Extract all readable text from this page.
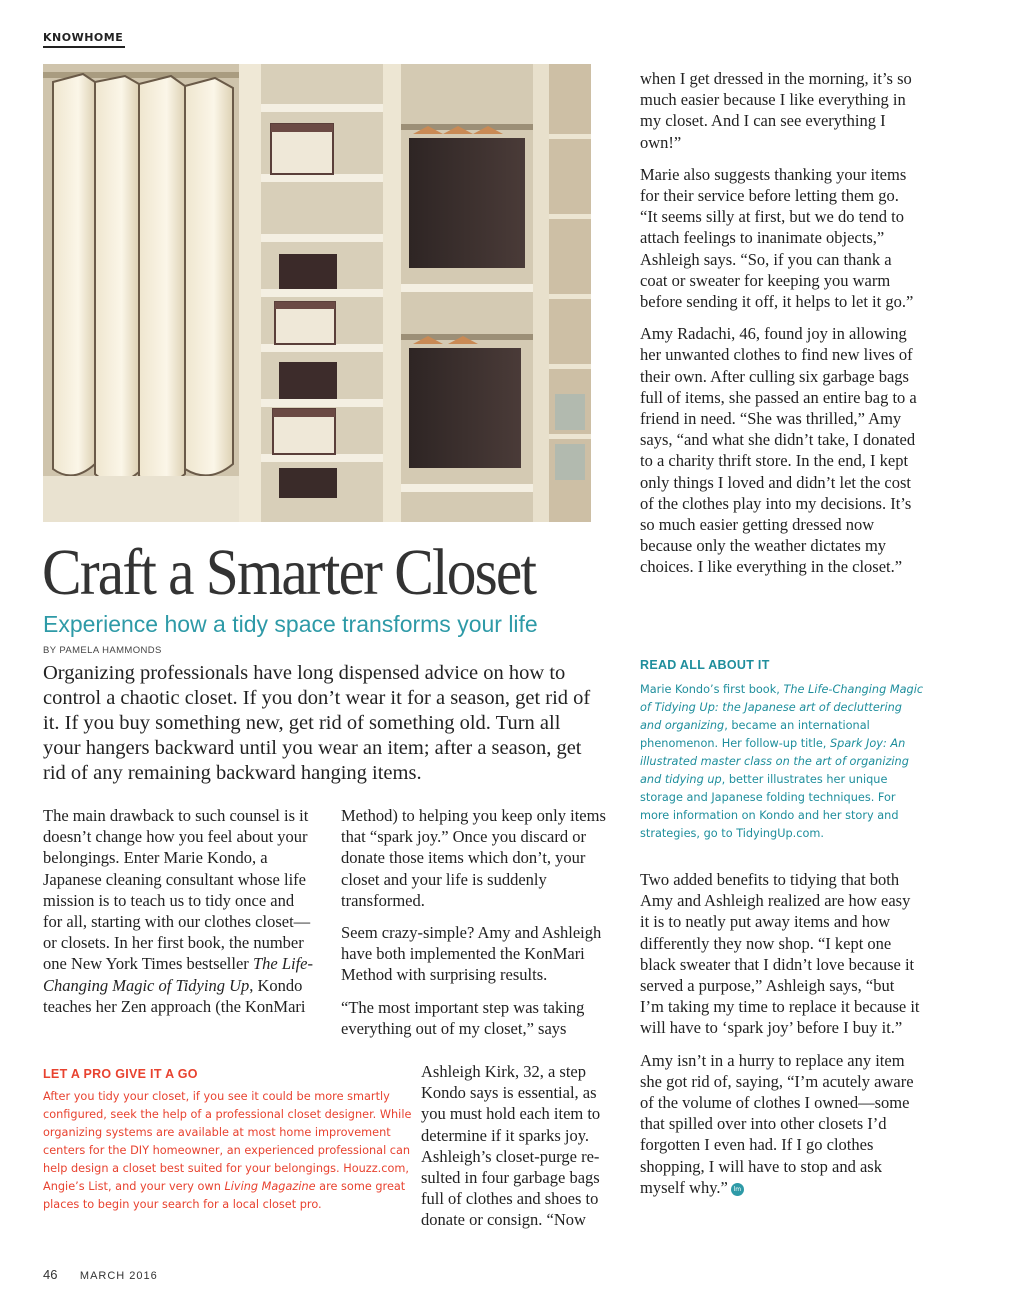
KNOWHOME
Craft a Smarter Closet
Experience how a tidy space transforms your life
BY PAMELA HAMMONDS
Organizing professionals have long dispensed advice on how to control a chaotic closet. If you don’t wear it for a season, get rid of it. If you buy something new, get rid of something old. Turn all your hangers backward until you wear an item; after a season, get rid of any remaining backward hanging items.

The main drawback to such counsel is it doesn’t change how you feel about your belongings. Enter Marie Kondo, a Japanese cleaning consultant whose life mission is to teach us to tidy once and for all, starting with our clothes closet—or closets. In her first book, the number one New York Times bestseller The Life-Changing Magic of Tidying Up, Kondo teaches her Zen approach (the KonMari

Method) to helping you keep only items that “spark joy.” Once you discard or donate those items which don’t, your closet and your life is suddenly transformed.

Seem crazy-simple? Amy and Ashleigh have both implemented the KonMari Method with surprising results.

“The most important step was taking everything out of my closet,” says

Ashleigh Kirk, 32, a step Kondo says is essential, as you must hold each item to determine if it sparks joy. Ashleigh’s closet-purge re-sulted in four garbage bags full of clothes and shoes to donate or consign. “Now

LET A PRO GIVE IT A GO
After you tidy your closet, if you see it could be more smartly configured, seek the help of a professional closet designer. While organizing systems are available at most home improvement centers for the DIY homeowner, an experienced professional can help design a closet best suited for your belongings. Houzz.com, Angie’s List, and your very own Living Magazine are some great places to begin your search for a local closet pro.

when I get dressed in the morning, it’s so much easier because I like everything in my closet. And I can see everything I own!”

Marie also suggests thanking your items for their service before letting them go. “It seems silly at first, but we do tend to attach feelings to inanimate objects,” Ashleigh says. “So, if you can thank a coat or sweater for keeping you warm before sending it off, it helps to let it go.”

Amy Radachi, 46, found joy in allowing her unwanted clothes to find new lives of their own. After culling six garbage bags full of items, she passed an entire bag to a friend in need. “She was thrilled,” Amy says, “and what she didn’t take, I donated to a charity thrift store. In the end, I kept only things I loved and didn’t let the cost of the clothes play into my decisions. It’s so much easier getting dressed now because only the weather dictates my choices. I like everything in the closet.”

READ ALL ABOUT IT
Marie Kondo’s first book, The Life-Changing Magic of Tidying Up: the Japanese art of decluttering and organizing, became an international phenomenon. Her follow-up title, Spark Joy: An illustrated master class on the art of organizing and tidying up, better illustrates her unique storage and Japanese folding techniques. For more information on Kondo and her story and strategies, go to TidyingUp.com.

Two added benefits to tidying that both Amy and Ashleigh realized are how easy it is to neatly put away items and how differently they now shop. “I kept one black sweater that I didn’t love because it served a purpose,” Ashleigh says, “but I’m taking my time to replace it because it will have to ‘spark joy’ before I buy it.”

Amy isn’t in a hurry to replace any item she got rid of, saying, “I’m acutely aware of the volume of clothes I owned—some that spilled over into other closets I’d forgotten I even had. If I go clothes shopping, I will have to stop and ask myself why.” lm

46 MARCH 2016
